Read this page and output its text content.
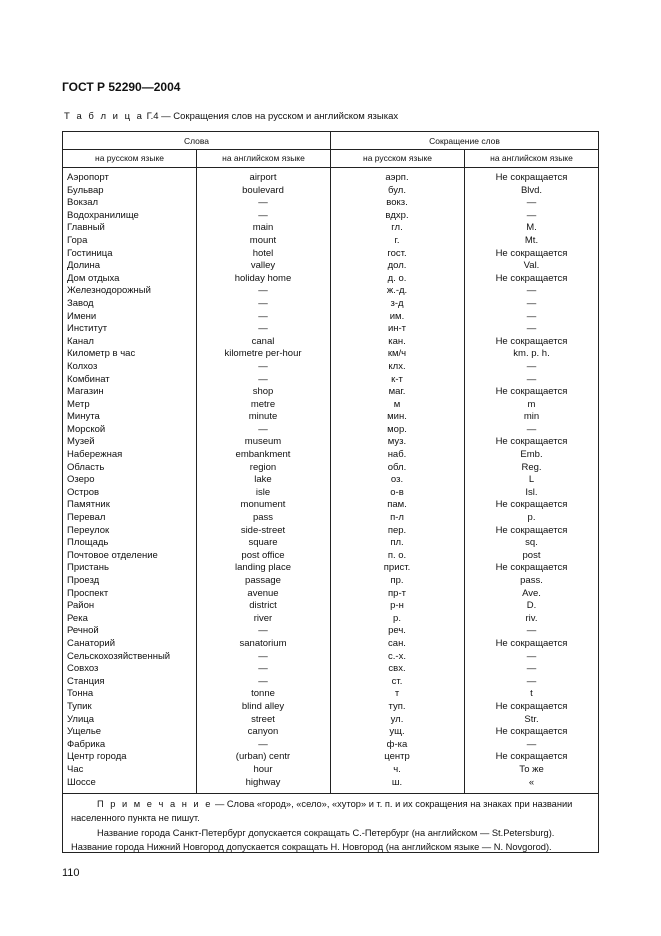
ГОСТ Р 52290—2004
Т а б л и ц а Г.4 — Сокращения слов на русском и английском языках
Слова	Сокращение слов
на русском языке	на английском языке	на русском языке	на английском языке
Аэропорт	airport	аэрп.	Не сокращается
Бульвар	boulevard	бул.	Blvd.
Вокзал	—	вокз.	—
Водохранилище	—	вдхр.	—
Главный	main	гл.	M.
Гора	mount	г.	Mt.
Гостиница	hotel	гост.	Не сокращается
Долина	valley	дол.	Val.
Дом отдыха	holiday home	д. о.	Не сокращается
Железнодорожный	—	ж.-д.	—
Завод	—	з-д	—
Имени	—	им.	—
Институт	—	ин-т	—
Канал	canal	кан.	Не сокращается
Километр в час	kilometre per-hour	км/ч	km. p. h.
Колхоз	—	клх.	—
Комбинат	—	к-т	—
Магазин	shop	маг.	Не сокращается
Метр	metre	м	m
Минута	minute	мин.	min
Морской	—	мор.	—
Музей	museum	муз.	Не сокращается
Набережная	embankment	наб.	Emb.
Область	region	обл.	Reg.
Озеро	lake	оз.	L
Остров	isle	о-в	Isl.
Памятник	monument	пам.	Не сокращается
Перевал	pass	п-л	p.
Переулок	side-street	пер.	Не сокращается
Площадь	square	пл.	sq.
Почтовое отделение	post office	п. о.	post
Пристань	landing place	прист.	Не сокращается
Проезд	passage	пр.	pass.
Проспект	avenue	пр-т	Ave.
Район	district	р-н	D.
Река	river	р.	riv.
Речной	—	реч.	—
Санаторий	sanatorium	сан.	Не сокращается
Сельскохозяйственный	—	с.-х.	—
Совхоз	—	свх.	—
Станция	—	ст.	—
Тонна	tonne	т	t
Тупик	blind alley	туп.	Не сокращается
Улица	street	ул.	Str.
Ущелье	canyon	ущ.	Не сокращается
Фабрика	—	ф-ка	—
Центр города	(urban) centr	центр	Не сокращается
Час	hour	ч.	То же
Шоссе	highway	ш.	«

П р и м е ч а н и е — Слова «город», «село», «хутор» и т. п. и их сокращения на знаках при названии населенного пункта не пишут.

Название города Санкт-Петербург допускается сокращать С.-Петербург (на английском — St.Petersburg).

Название города Нижний Новгород допускается сокращать Н. Новгород (на английском языке — N. Novgorod).

110
